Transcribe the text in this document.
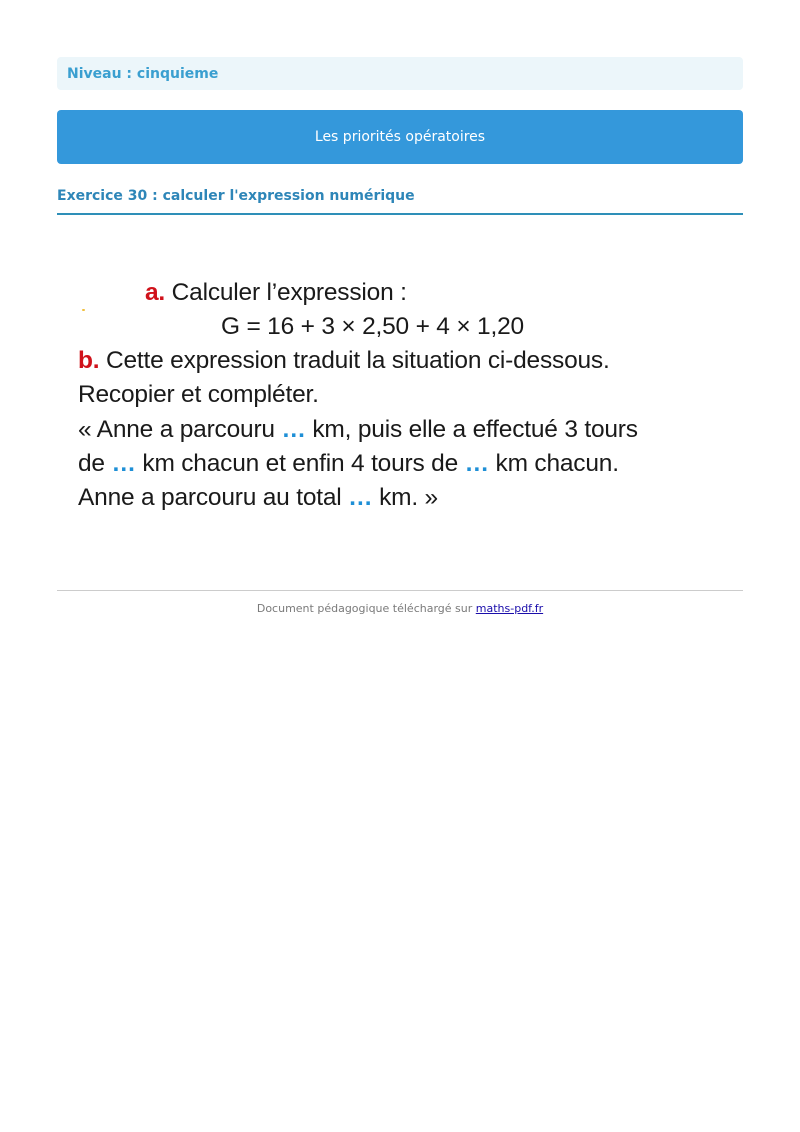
Niveau : cinquieme
Les priorités opératoires
Exercice 30 : calculer l'expression numérique
a. Calculer l’expression :
G = 16 + 3 × 2,50 + 4 × 1,20
b. Cette expression traduit la situation ci-dessous.
Recopier et compléter.
« Anne a parcouru … km, puis elle a effectué 3 tours
de … km chacun et enfin 4 tours de … km chacun.
Anne a parcouru au total … km. »
Document pédagogique téléchargé sur maths-pdf.fr
